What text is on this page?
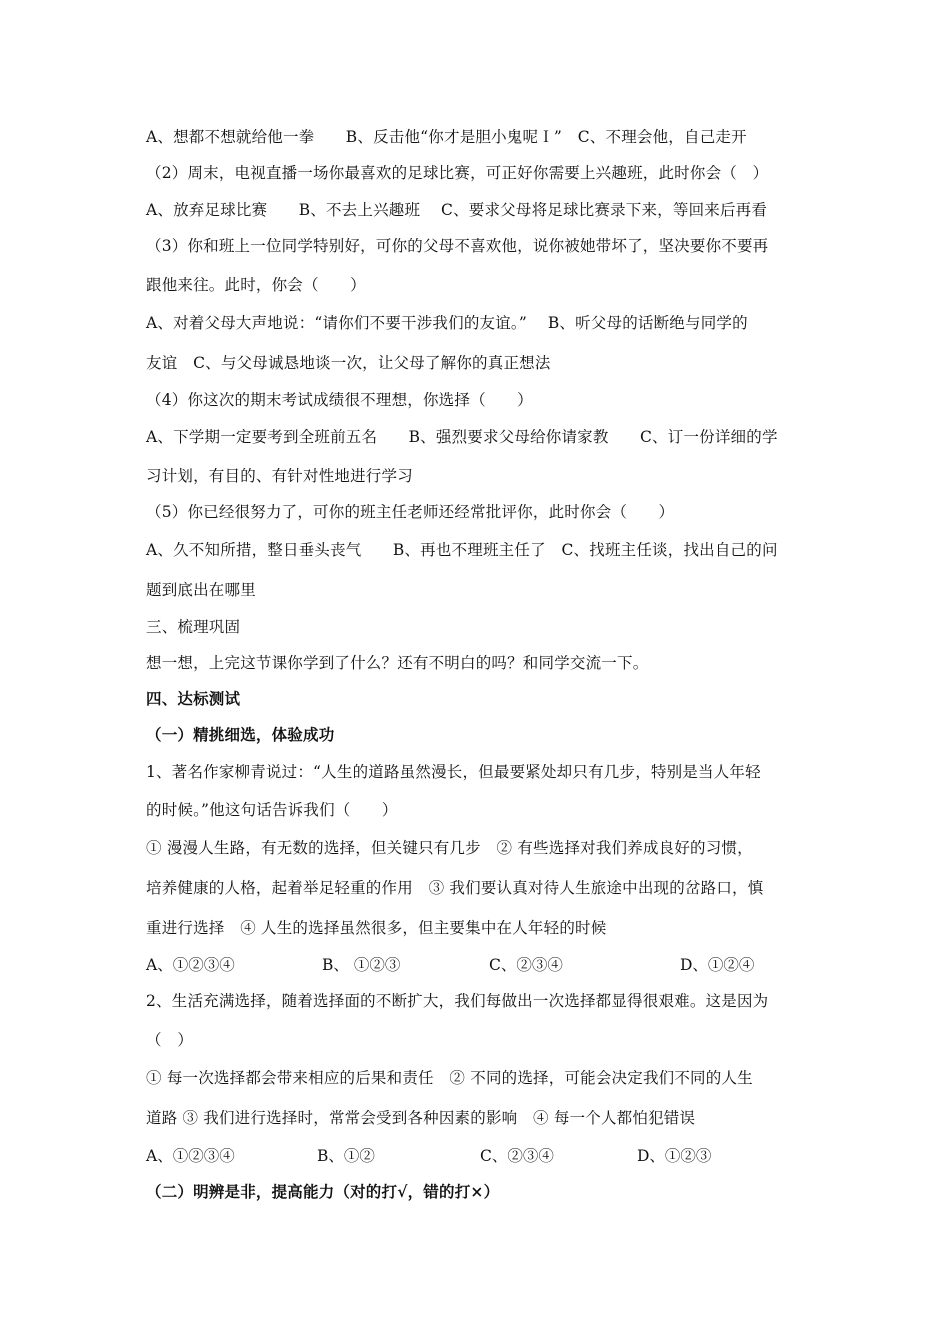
A、想都不想就给他一拳　　B、反击他“你才是胆小鬼呢Ｉ”　C、不理会他，自己走开
（2）周末，电视直播一场你最喜欢的足球比赛，可正好你需要上兴趣班，此时你会（　）
A、放弃足球比赛　　B、不去上兴趣班　 C、要求父母将足球比赛录下来，等回来后再看
（3）你和班上一位同学特别好，可你的父母不喜欢他，说你被她带坏了，坚决要你不要再
跟他来往。此时，你会（　　）
A、对着父母大声地说：“请你们不要干涉我们的友谊。”　 B、听父母的话断绝与同学的
友谊　C、与父母诚恳地谈一次，让父母了解你的真正想法
（4）你这次的期末考试成绩很不理想，你选择（　　）
A、下学期一定要考到全班前五名　　B、强烈要求父母给你请家教　　C、订一份详细的学
习计划，有目的、有针对性地进行学习
（5）你已经很努力了，可你的班主任老师还经常批评你，此时你会（　　）
A、久不知所措，整日垂头丧气　　B、再也不理班主任了　C、找班主任谈，找出自己的问
题到底出在哪里
三、梳理巩固
想一想，上完这节课你学到了什么？还有不明白的吗？和同学交流一下。
四、达标测试
（一）精挑细选，体验成功
1、著名作家柳青说过：“人生的道路虽然漫长，但最要紧处却只有几步，特别是当人年轻
的时候。”他这句话告诉我们（　　）
① 漫漫人生路，有无数的选择，但关键只有几步　② 有些选择对我们养成良好的习惯，
培养健康的人格，起着举足轻重的作用　③ 我们要认真对待人生旅途中出现的岔路口，慎
重进行选择　④ 人生的选择虽然很多，但主要集中在人年轻的时候
A、①②③④	B、 ①②③	C、②③④	D、①②④
2、生活充满选择，随着选择面的不断扩大，我们每做出一次选择都显得很艰难。这是因为
（　）
① 每一次选择都会带来相应的后果和责任　② 不同的选择，可能会决定我们不同的人生
道路 ③ 我们进行选择时，常常会受到各种因素的影响　④ 每一个人都怕犯错误
A、①②③④	B、①②	C、②③④	D、①②③
（二）明辨是非，提高能力（对的打√，错的打×）
